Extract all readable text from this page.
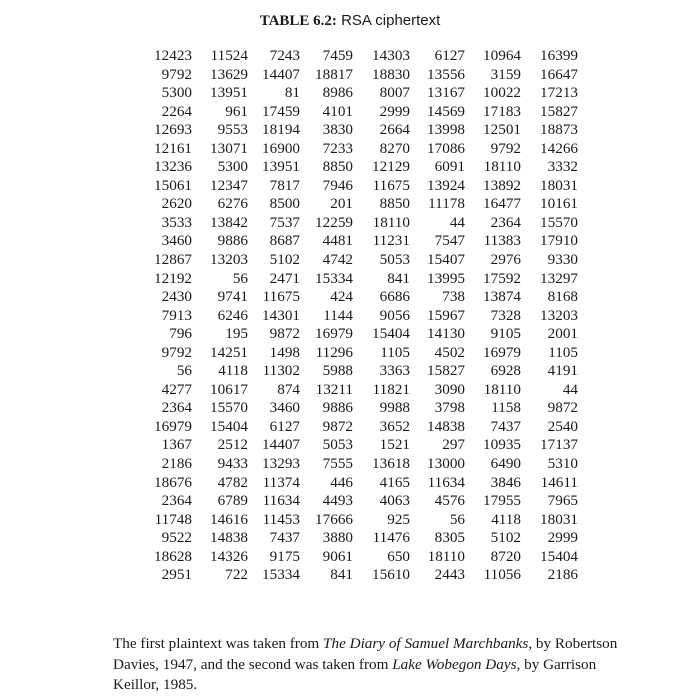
TABLE 6.2: RSA ciphertext
12423	11524	7243	7459	14303	6127	10964	16399
9792	13629	14407	18817	18830	13556	3159	16647
5300	13951	81	8986	8007	13167	10022	17213
2264	961	17459	4101	2999	14569	17183	15827
12693	9553	18194	3830	2664	13998	12501	18873
12161	13071	16900	7233	8270	17086	9792	14266
13236	5300	13951	8850	12129	6091	18110	3332
15061	12347	7817	7946	11675	13924	13892	18031
2620	6276	8500	201	8850	11178	16477	10161
3533	13842	7537	12259	18110	44	2364	15570
3460	9886	8687	4481	11231	7547	11383	17910
12867	13203	5102	4742	5053	15407	2976	9330
12192	56	2471	15334	841	13995	17592	13297
2430	9741	11675	424	6686	738	13874	8168
7913	6246	14301	1144	9056	15967	7328	13203
796	195	9872	16979	15404	14130	9105	2001
9792	14251	1498	11296	1105	4502	16979	1105
56	4118	11302	5988	3363	15827	6928	4191
4277	10617	874	13211	11821	3090	18110	44
2364	15570	3460	9886	9988	3798	1158	9872
16979	15404	6127	9872	3652	14838	7437	2540
1367	2512	14407	5053	1521	297	10935	17137
2186	9433	13293	7555	13618	13000	6490	5310
18676	4782	11374	446	4165	11634	3846	14611
2364	6789	11634	4493	4063	4576	17955	7965
11748	14616	11453	17666	925	56	4118	18031
9522	14838	7437	3880	11476	8305	5102	2999
18628	14326	9175	9061	650	18110	8720	15404
2951	722	15334	841	15610	2443	11056	2186

The first plaintext was taken from The Diary of Samuel Marchbanks, by Robertson Davies, 1947, and the second was taken from Lake Wobegon Days, by Garrison Keillor, 1985.
